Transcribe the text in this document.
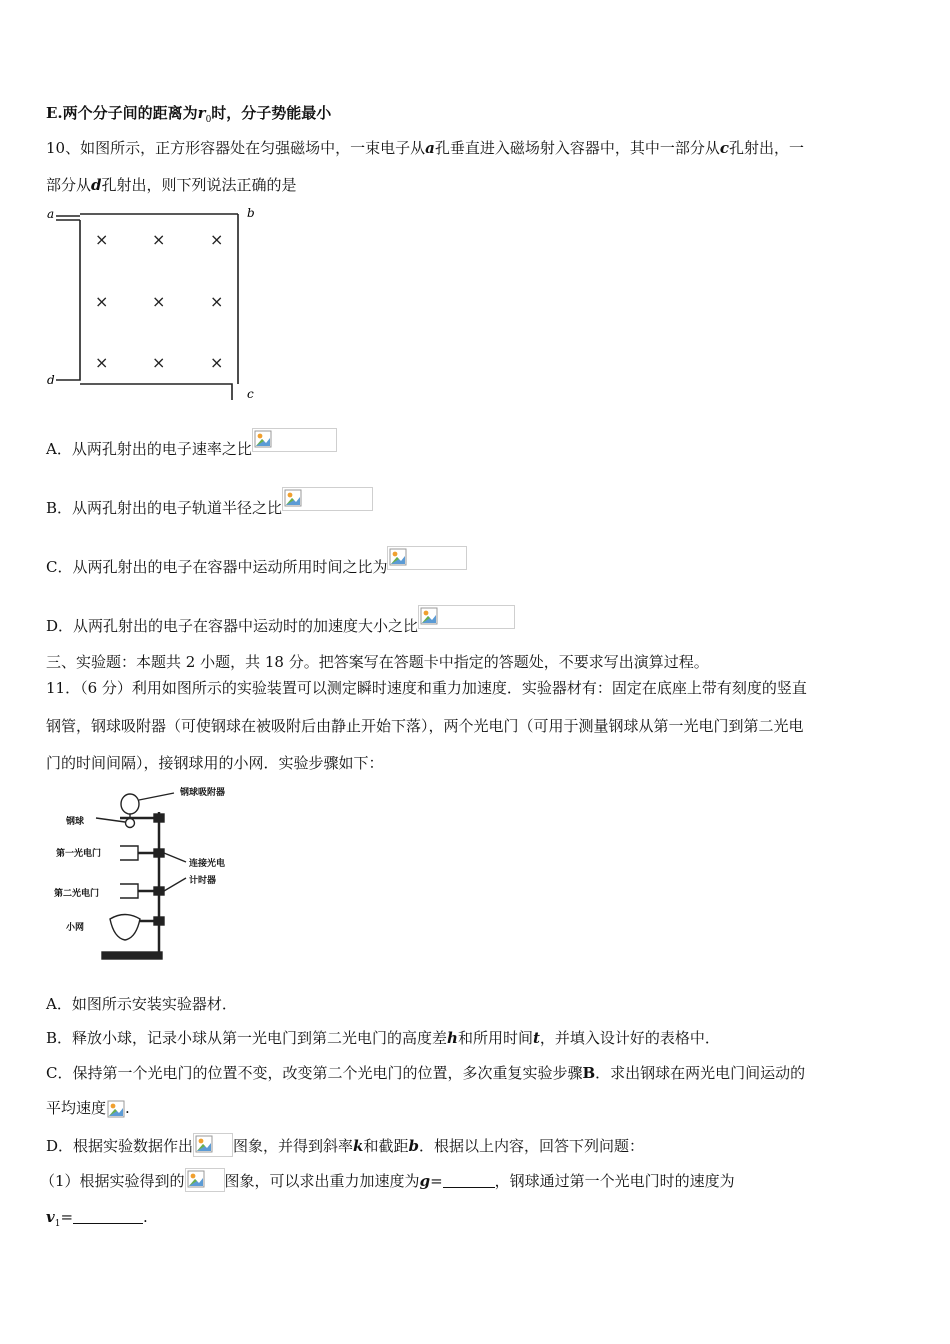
E.两个分子间的距离为$r_0$时，分子势能最小
10、如图所示，正方形容器处在匀强磁场中，一束电子从a孔垂直进入磁场射入容器中，其中一部分从c孔射出，一
部分从d孔射出，则下列说法正确的是
a	b
c
d
×	×	×
×	×	×
×	×	×
A．从两孔射出的电子速率之比
B．从两孔射出的电子轨道半径之比
C．从两孔射出的电子在容器中运动所用时间之比为
D．从两孔射出的电子在容器中运动时的加速度大小之比
三、实验题：本题共 2 小题，共 18 分。把答案写在答题卡中指定的答题处，不要求写出演算过程。
11．（6 分）利用如图所示的实验装置可以测定瞬时速度和重力加速度．实验器材有：固定在底座上带有刻度的竖直
钢管，钢球吸附器（可使钢球在被吸附后由静止开始下落），两个光电门（可用于测量钢球从第一光电门到第二光电
门的时间间隔），接钢球用的小网．实验步骤如下：
钢球吸附器
钢球
第一光电门
连接光电
计时器
第二光电门
小网
A．如图所示安装实验器材．
B．释放小球，记录小球从第一光电门到第二光电门的高度差h和所用时间t，并填入设计好的表格中．
C．保持第一个光电门的位置不变，改变第二个光电门的位置，多次重复实验步骤B．求出钢球在两光电门间运动的
平均速度 .
D．根据实验数据作出	图象，并得到斜率k和截距b．根据以上内容，回答下列问题：
（1）根据实验得到的	图象，可以求出重力加速度为g=	，钢球通过第一个光电门时的速度为
$v_1=$	.
